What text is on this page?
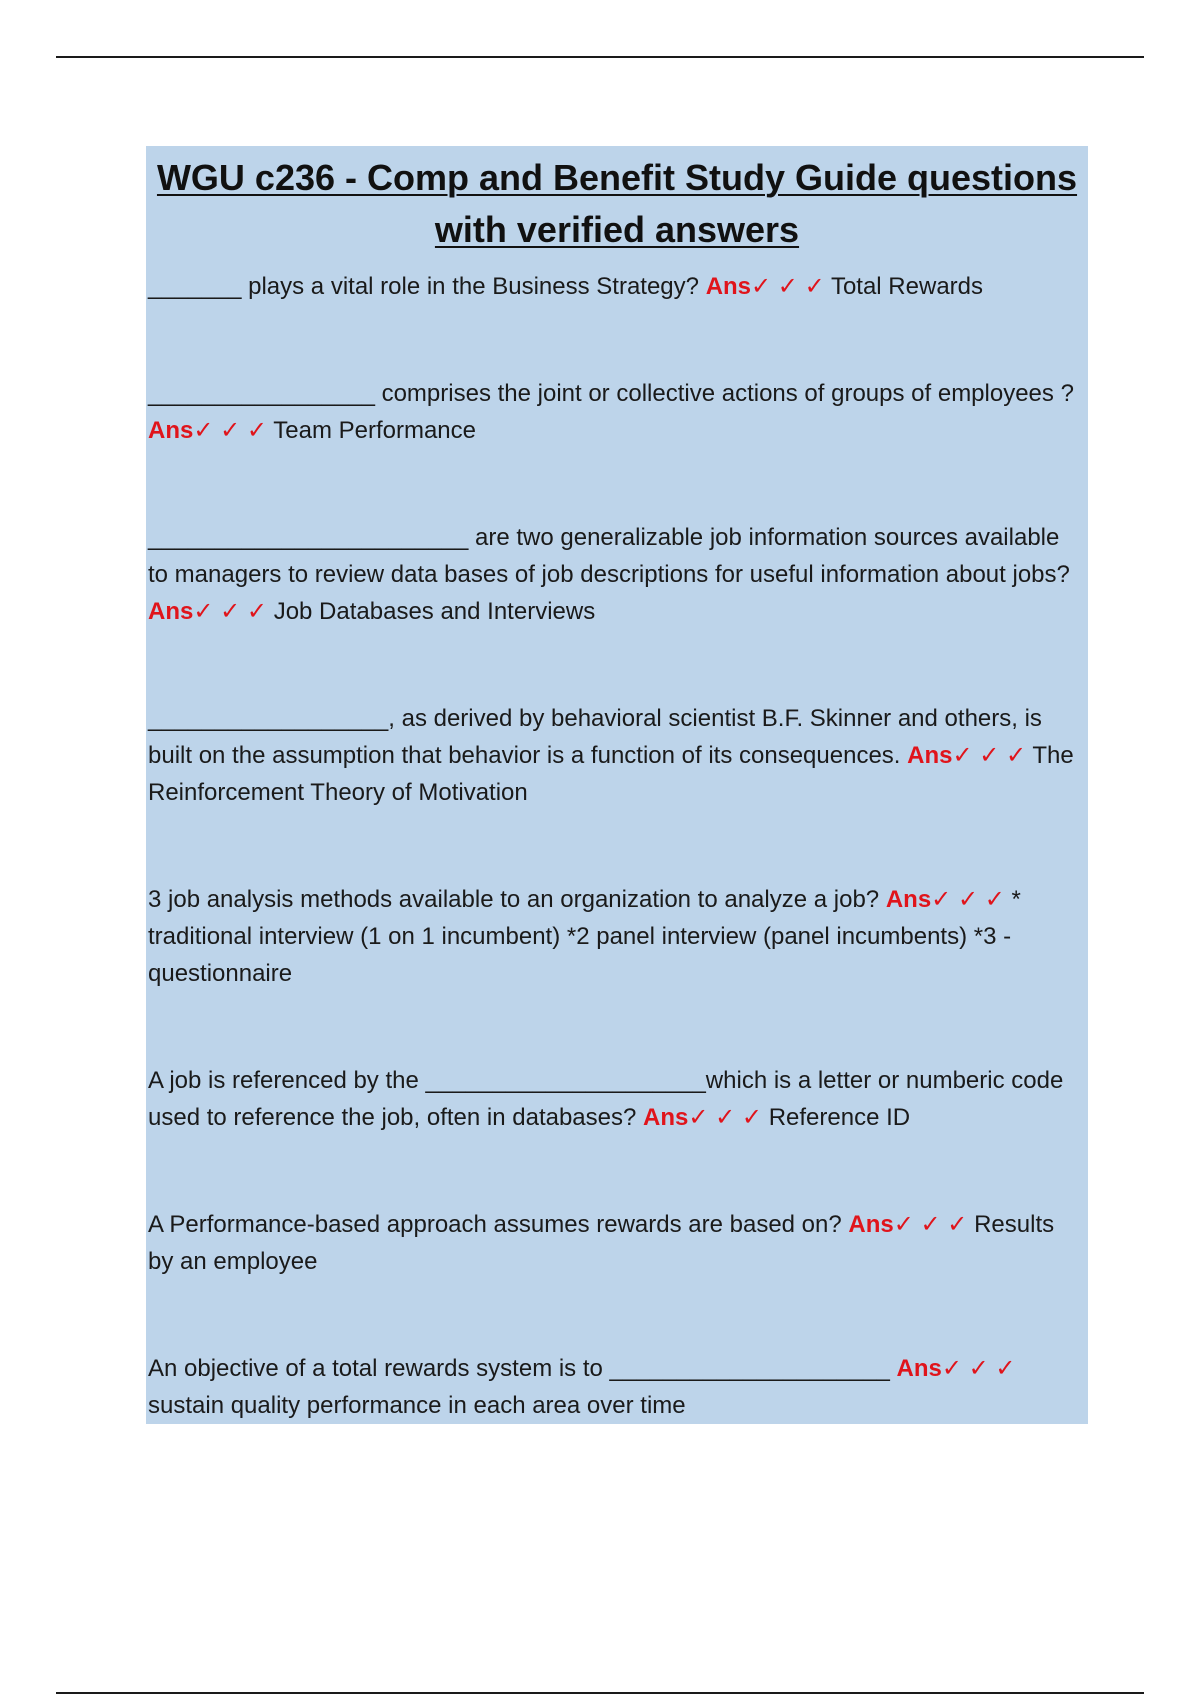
WGU c236 - Comp and Benefit Study Guide questions with verified answers

_______ plays a vital role in the Business Strategy? Ans✓ ✓ ✓ Total Rewards

_________________ comprises the joint or collective actions of groups of employees ? Ans✓ ✓ ✓ Team Performance

________________________ are two generalizable job information sources available to managers to review data bases of job descriptions for useful information about jobs? Ans✓ ✓ ✓ Job Databases and Interviews

__________________, as derived by behavioral scientist B.F. Skinner and others, is built on the assumption that behavior is a function of its consequences. Ans✓ ✓ ✓ The Reinforcement Theory of Motivation

3 job analysis methods available to an organization to analyze a job? Ans✓ ✓ ✓ * traditional interview (1 on 1 incumbent) *2 panel interview (panel incumbents) *3 - questionnaire

A job is referenced by the _____________________which is a letter or numberic code used to reference the job, often in databases? Ans✓ ✓ ✓ Reference ID

A Performance-based approach assumes rewards are based on? Ans✓ ✓ ✓ Results by an employee

An objective of a total rewards system is to _____________________ Ans✓ ✓ ✓ sustain quality performance in each area over time
